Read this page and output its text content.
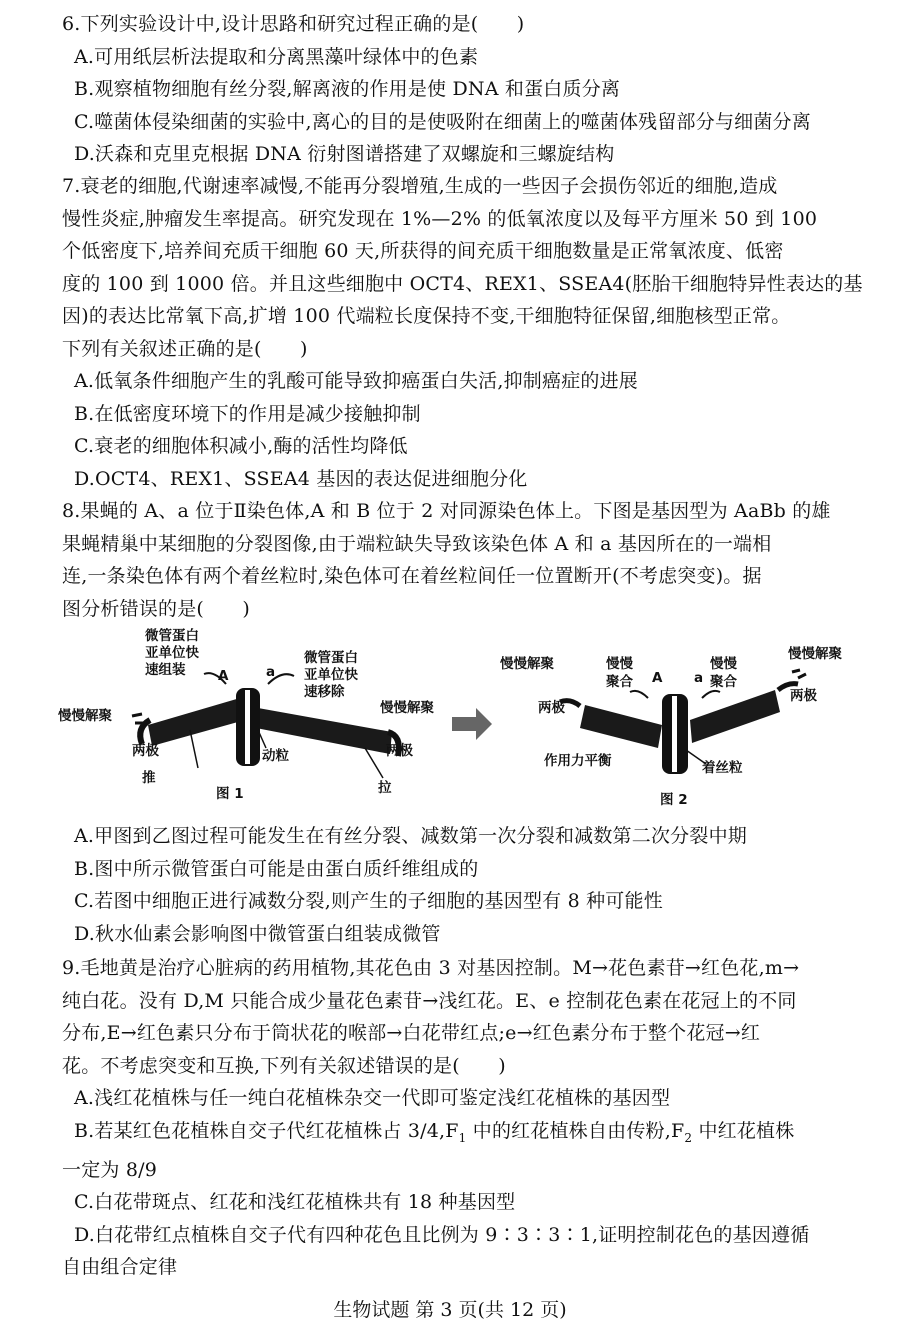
6.下列实验设计中,设计思路和研究过程正确的是(　　)
A.可用纸层析法提取和分离黑藻叶绿体中的色素
B.观察植物细胞有丝分裂,解离液的作用是使 DNA 和蛋白质分离
C.噬菌体侵染细菌的实验中,离心的目的是使吸附在细菌上的噬菌体残留部分与细菌分离
D.沃森和克里克根据 DNA 衍射图谱搭建了双螺旋和三螺旋结构
7.衰老的细胞,代谢速率减慢,不能再分裂增殖,生成的一些因子会损伤邻近的细胞,造成
慢性炎症,肿瘤发生率提高。研究发现在 1%—2% 的低氧浓度以及每平方厘米 50 到 100
个低密度下,培养间充质干细胞 60 天,所获得的间充质干细胞数量是正常氧浓度、低密
度的 100 到 1000 倍。并且这些细胞中 OCT4、REX1、SSEA4(胚胎干细胞特异性表达的基
因)的表达比常氧下高,扩增 100 代端粒长度保持不变,干细胞特征保留,细胞核型正常。
下列有关叙述正确的是(　　)
A.低氧条件细胞产生的乳酸可能导致抑癌蛋白失活,抑制癌症的进展
B.在低密度环境下的作用是减少接触抑制
C.衰老的细胞体积减小,酶的活性均降低
D.OCT4、REX1、SSEA4 基因的表达促进细胞分化
8.果蝇的 A、a 位于Ⅱ染色体,A 和 B 位于 2 对同源染色体上。下图是基因型为 AaBb 的雄
果蝇精巢中某细胞的分裂图像,由于端粒缺失导致该染色体 A 和 a 基因所在的一端相
连,一条染色体有两个着丝粒时,染色体可在着丝粒间任一位置断开(不考虑突变)。据
图分析错误的是(　　)
微管蛋白
亚单位快
速组装
微管蛋白
亚单位快
速移除
A	a
慢慢解聚	慢慢解聚
两极	两极
推
动粒
拉
图 1
慢慢解聚
慢慢解聚
慢慢
聚合
慢慢
聚合
A a
两极
两极
作用力平衡	着丝粒
图 2
A.甲图到乙图过程可能发生在有丝分裂、减数第一次分裂和减数第二次分裂中期
B.图中所示微管蛋白可能是由蛋白质纤维组成的
C.若图中细胞正进行减数分裂,则产生的子细胞的基因型有 8 种可能性
D.秋水仙素会影响图中微管蛋白组装成微管
9.毛地黄是治疗心脏病的药用植物,其花色由 3 对基因控制。M→花色素苷→红色花,m→
纯白花。没有 D,M 只能合成少量花色素苷→浅红花。E、e 控制花色素在花冠上的不同
分布,E→红色素只分布于筒状花的喉部→白花带红点;e→红色素分布于整个花冠→红
花。不考虑突变和互换,下列有关叙述错误的是(　　)
A.浅红花植株与任一纯白花植株杂交一代即可鉴定浅红花植株的基因型
B.若某红色花植株自交子代红花植株占 $3/4,F_1$ 中的红花植株自由传粉$,F_2$ 中红花植株
一定为 8/9
C.白花带斑点、红花和浅红花植株共有 18 种基因型
D.白花带红点植株自交子代有四种花色且比例为 9∶3∶3∶1,证明控制花色的基因遵循
自由组合定律
生物试题 第 3 页(共 12 页)
